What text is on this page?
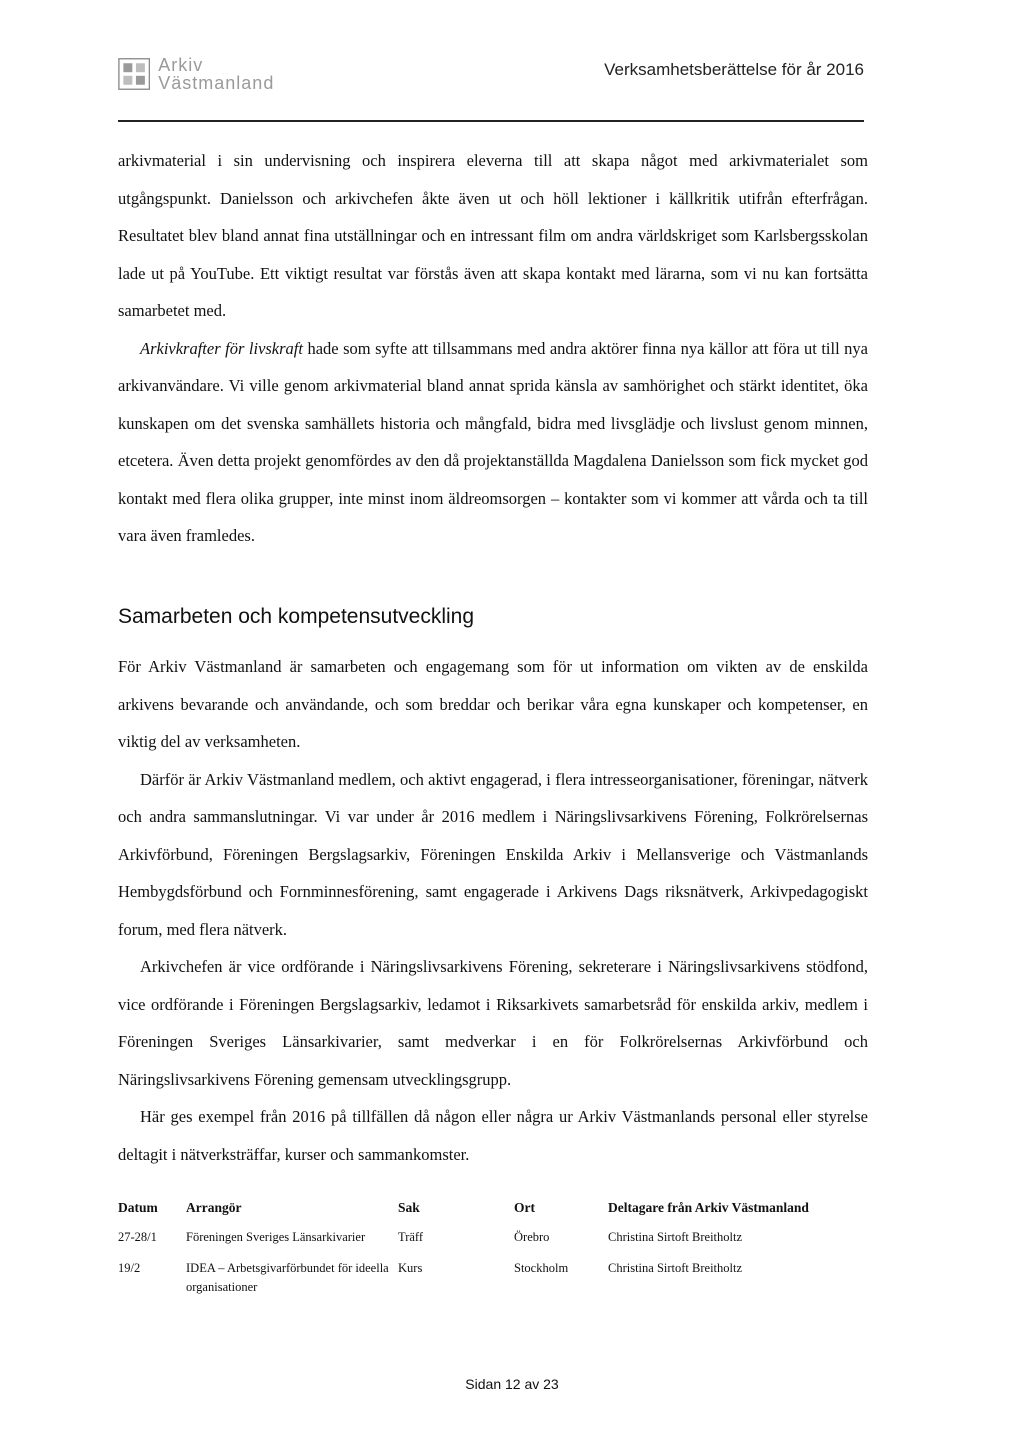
Arkiv Västmanland
Verksamhetsberättelse för år 2016

arkivmaterial i sin undervisning och inspirera eleverna till att skapa något med arkivmaterialet som utgångspunkt. Danielsson och arkivchefen åkte även ut och höll lektioner i källkritik utifrån efterfrågan. Resultatet blev bland annat fina utställningar och en intressant film om andra världskriget som Karlsbergsskolan lade ut på YouTube. Ett viktigt resultat var förstås även att skapa kontakt med lärarna, som vi nu kan fortsätta samarbetet med.

Arkivkrafter för livskraft hade som syfte att tillsammans med andra aktörer finna nya källor att föra ut till nya arkivanvändare. Vi ville genom arkivmaterial bland annat sprida känsla av samhörighet och stärkt identitet, öka kunskapen om det svenska samhällets historia och mångfald, bidra med livsglädje och livslust genom minnen, etcetera. Även detta projekt genomfördes av den då projektanställda Magdalena Danielsson som fick mycket god kontakt med flera olika grupper, inte minst inom äldreomsorgen – kontakter som vi kommer att vårda och ta till vara även framledes.

Samarbeten och kompetensutveckling

För Arkiv Västmanland är samarbeten och engagemang som för ut information om vikten av de enskilda arkivens bevarande och användande, och som breddar och berikar våra egna kunskaper och kompetenser, en viktig del av verksamheten.

Därför är Arkiv Västmanland medlem, och aktivt engagerad, i flera intresseorganisationer, föreningar, nätverk och andra sammanslutningar. Vi var under år 2016 medlem i Näringslivsarkivens Förening, Folkrörelsernas Arkivförbund, Föreningen Bergslagsarkiv, Föreningen Enskilda Arkiv i Mellansverige och Västmanlands Hembygdsförbund och Fornminnesförening, samt engagerade i Arkivens Dags riksnätverk, Arkivpedagogiskt forum, med flera nätverk.

Arkivchefen är vice ordförande i Näringslivsarkivens Förening, sekreterare i Näringslivsarkivens stödfond, vice ordförande i Föreningen Bergslagsarkiv, ledamot i Riksarkivets samarbetsråd för enskilda arkiv, medlem i Föreningen Sveriges Länsarkivarier, samt medverkar i en för Folkrörelsernas Arkivförbund och Näringslivsarkivens Förening gemensam utvecklingsgrupp.

Här ges exempel från 2016 på tillfällen då någon eller några ur Arkiv Västmanlands personal eller styrelse deltagit i nätverksträffar, kurser och sammankomster.

Datum	Arrangör	Sak	Ort	Deltagare från Arkiv Västmanland
27-28/1	Föreningen Sveriges Länsarkivarier	Träff	Örebro	Christina Sirtoft Breitholtz
19/2	IDEA – Arbetsgivarförbundet för ideella organisationer	Kurs	Stockholm	Christina Sirtoft Breitholtz
Sidan 12 av 23
